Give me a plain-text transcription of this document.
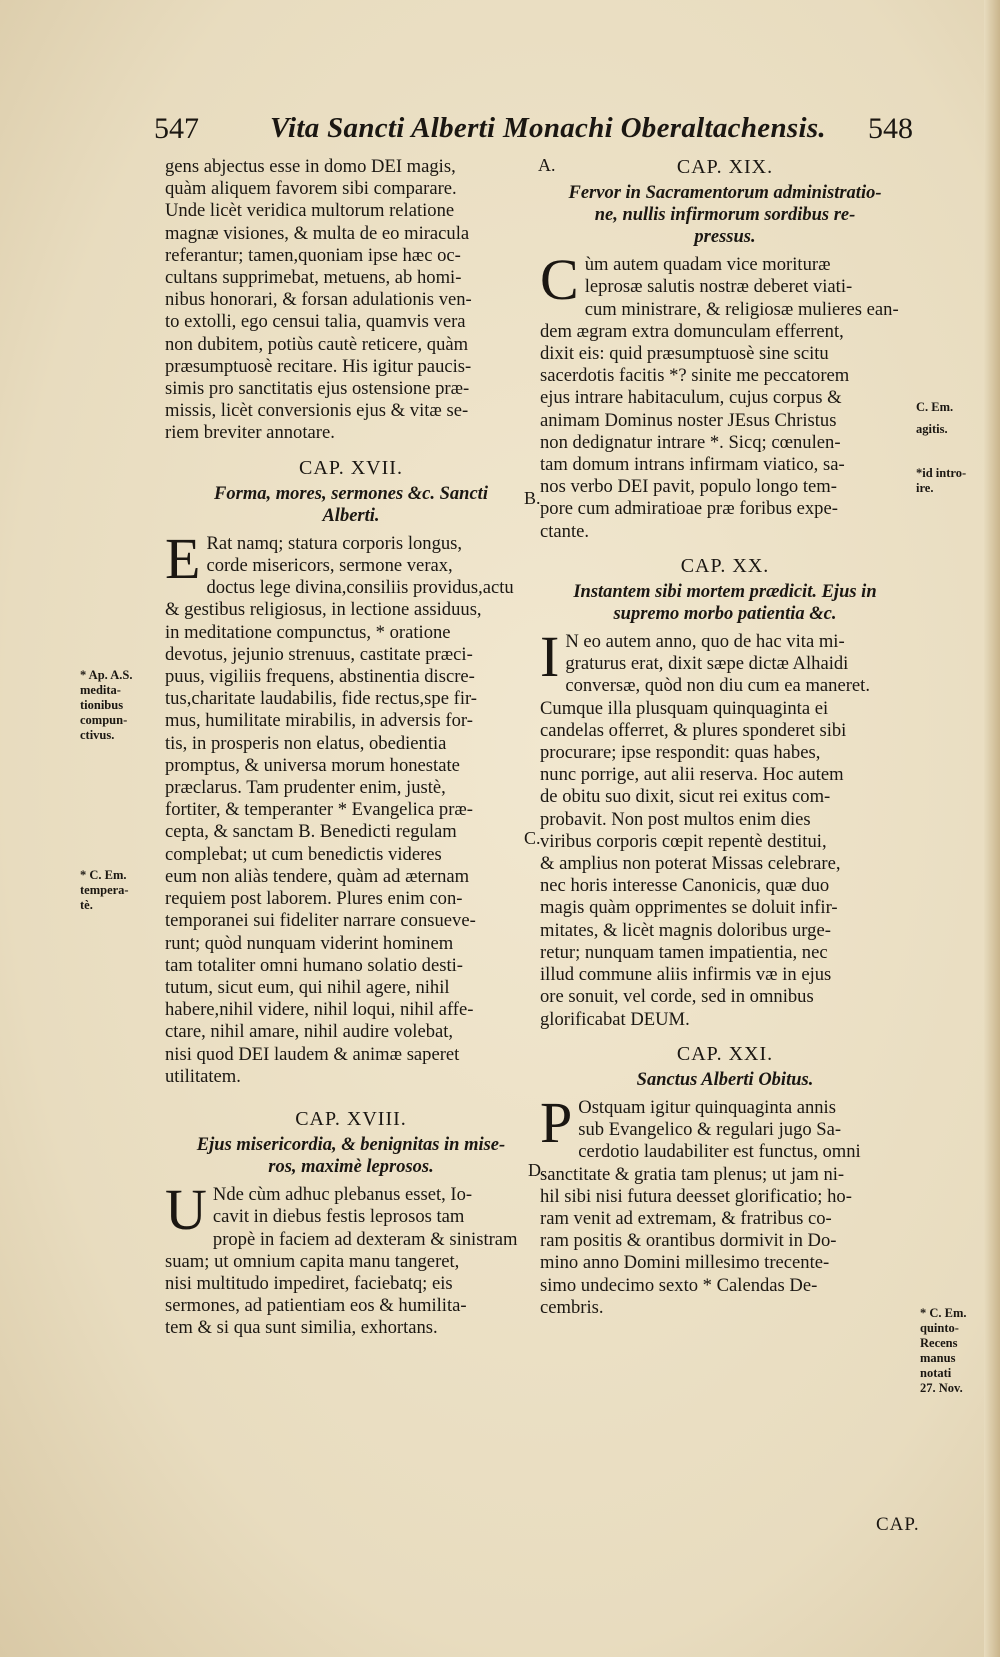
547 Vita Sancti Alberti Monachi Oberaltachensis. 548
gens abjectus esse in domo DEI magis,
quàm aliquem favorem sibi comparare.
Unde licèt veridica multorum relatione
magnæ visiones, & multa de eo miracula
referantur; tamen,quoniam ipse hæc oc-
cultans supprimebat, metuens, ab homi-
nibus honorari, & forsan adulationis ven-
to extolli, ego censui talia, quamvis vera
non dubitem, potiùs cautè reticere, quàm
præsumptuosè recitare. His igitur paucis-
simis pro sanctitatis ejus ostensione præ-
missis, licèt conversionis ejus & vitæ se-
riem breviter annotare.
CAP. XVII.
Forma, mores, sermones &c. Sancti
Alberti.
E Rat namq; statura corporis longus,
corde misericors, sermone verax,
doctus lege divina,consiliis providus,actu
& gestibus religiosus, in lectione assiduus,
in meditatione compunctus, * oratione
devotus, jejunio strenuus, castitate præci-
puus, vigiliis frequens, abstinentia discre-
tus,charitate laudabilis, fide rectus,spe fir-
mus, humilitate mirabilis, in adversis for-
tis, in prosperis non elatus, obedientia
promptus, & universa morum honestate
præclarus. Tam prudenter enim, justè,
fortiter, & temperanter * Evangelica præ-
cepta, & sanctam B. Benedicti regulam
complebat; ut cum benedictis videres
eum non aliàs tendere, quàm ad æternam
requiem post laborem. Plures enim con-
temporanei sui fideliter narrare consueve-
runt; quòd nunquam viderint hominem
tam totaliter omni humano solatio desti-
tutum, sicut eum, qui nihil agere, nihil
habere,nihil videre, nihil loqui, nihil affe-
ctare, nihil amare, nihil audire volebat,
nisi quod DEI laudem & animæ saperet
utilitatem.
CAP. XVIII.
Ejus misericordia, & benignitas in mise-
ros, maximè leprosos.
U Nde cùm adhuc plebanus esset, Io-
cavit in diebus festis leprosos tam
propè in faciem ad dexteram & sinistram
suam; ut omnium capita manu tangeret,
nisi multitudo impediret, faciebatq; eis
sermones, ad patientiam eos & humilita-
tem & si qua sunt similia, exhortans.
CAP. XIX.
Fervor in Sacramentorum administratio-
ne, nullis infirmorum sordibus re-
pressus.
C ùm autem quadam vice morituræ
leprosæ salutis nostræ deberet viati-
cum ministrare, & religiosæ mulieres ean-
dem ægram extra domunculam efferrent,
dixit eis: quid præsumptuosè sine scitu
sacerdotis facitis *? sinite me peccatorem
ejus intrare habitaculum, cujus corpus &
animam Dominus noster JEsus Christus
non dedignatur intrare *. Sicq; cœnulen-
tam domum intrans infirmam viatico, sa-
nos verbo DEI pavit, populo longo tem-
pore cum admiratioae præ foribus expe-
ctante.
CAP. XX.
Instantem sibi mortem prædicit. Ejus in
supremo morbo patientia &c.
I N eo autem anno, quo de hac vita mi-
graturus erat, dixit sæpe dictæ Alhaidi
conversæ, quòd non diu cum ea maneret.
Cumque illa plusquam quinquaginta ei
candelas offerret, & plures sponderet sibi
procurare; ipse respondit: quas habes,
nunc porrige, aut alii reserva. Hoc autem
de obitu suo dixit, sicut rei exitus com-
probavit. Non post multos enim dies
viribus corporis cœpit repentè destitui,
& amplius non poterat Missas celebrare,
nec horis interesse Canonicis, quæ duo
magis quàm opprimentes se doluit infir-
mitates, & licèt magnis doloribus urge-
retur; nunquam tamen impatientia, nec
illud commune aliis infirmis væ in ejus
ore sonuit, vel corde, sed in omnibus
glorificabat DEUM.
CAP. XXI.
Sanctus Alberti Obitus.
P Ostquam igitur quinquaginta annis
sub Evangelico & regulari jugo Sa-
cerdotio laudabiliter est functus, omni
sanctitate & gratia tam plenus; ut jam ni-
hil sibi nisi futura deesset glorificatio; ho-
ram venit ad extremam, & fratribus co-
ram positis & orantibus dormivit in Do-
mino anno Domini millesimo trecente-
simo undecimo sexto * Calendas De-
cembris.
* Ap. A.S.
medita-
tionibus
compun-
ctivus.
* C. Em.
tempera-
tè.
C. Em.
agitis.
*id intro-
ire.
* C. Em.
quinto-
Recens
manus
notati
27. Nov.
A.
B.
C.
D.
CAP.
